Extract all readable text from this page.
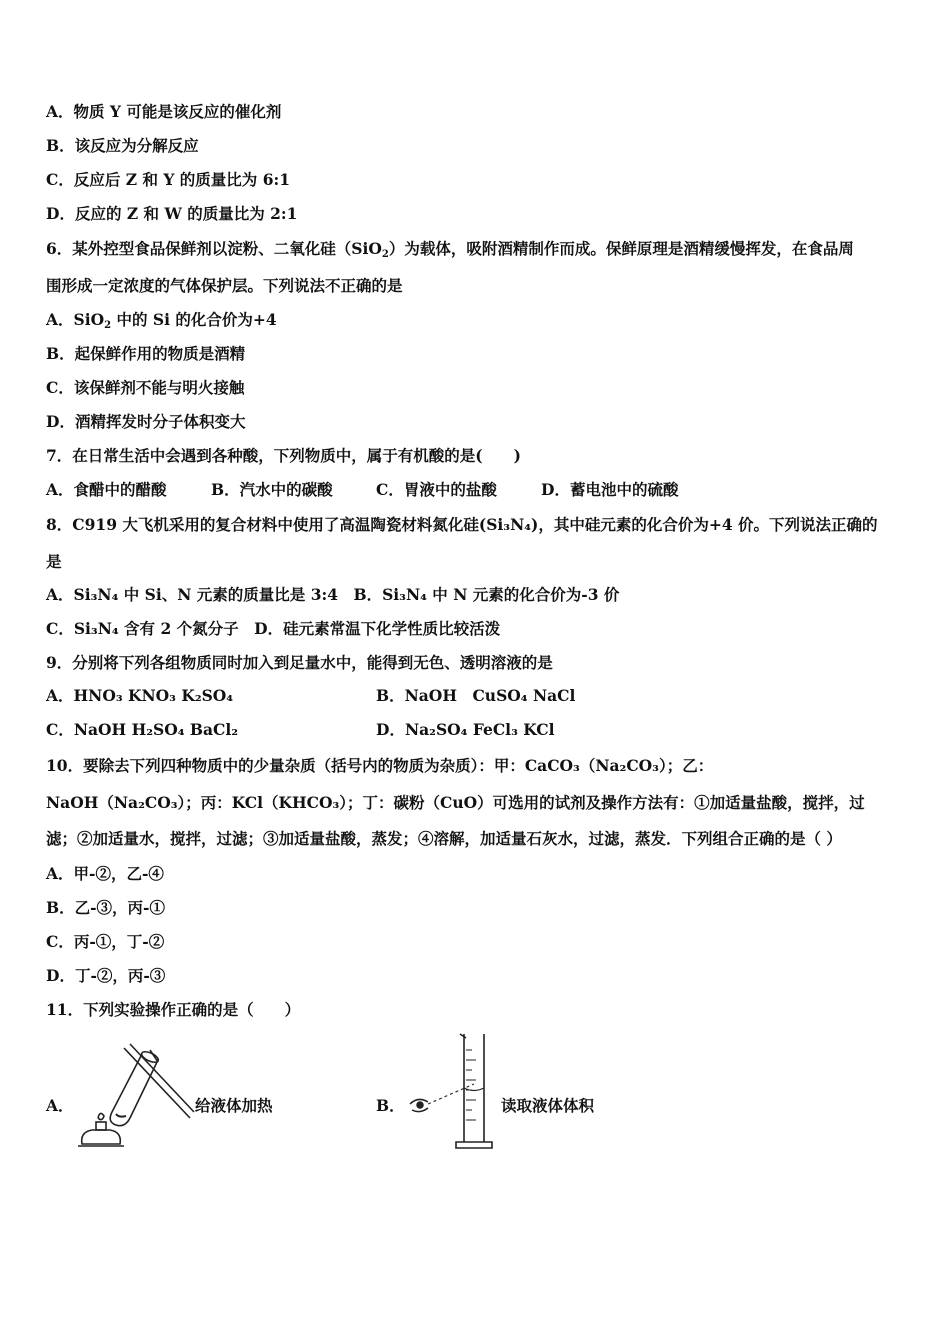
A．物质 Y 可能是该反应的催化剂
B．该反应为分解反应
C．反应后 Z 和 Y 的质量比为 6:1
D．反应的 Z 和 W 的质量比为 2:1
6．某外控型食品保鲜剂以淀粉、二氧化硅（SiO$_2$）为载体，吸附酒精制作而成。保鲜原理是酒精缓慢挥发，在食品周
围形成一定浓度的气体保护层。下列说法不正确的是
A．SiO$_2$ 中的 Si 的化合价为+4
B．起保鲜作用的物质是酒精
C．该保鲜剂不能与明火接触
D．酒精挥发时分子体积变大
7．在日常生活中会遇到各种酸，下列物质中，属于有机酸的是(　　)
A．食醋中的醋酸	B．汽水中的碳酸	C．胃液中的盐酸	D．蓄电池中的硫酸
8．C919 大飞机采用的复合材料中使用了高温陶瓷材料氮化硅(Si₃N₄)，其中硅元素的化合价为+4 价。下列说法正确的
是
A．Si₃N₄ 中 Si、N 元素的质量比是 3:4　B．Si₃N₄ 中 N 元素的化合价为-3 价
C．Si₃N₄ 含有 2 个氮分子　D．硅元素常温下化学性质比较活泼
9．分别将下列各组物质同时加入到足量水中，能得到无色、透明溶液的是
A．HNO₃ KNO₃ K₂SO₄	B．NaOH　CuSO₄ NaCl
C．NaOH H₂SO₄ BaCl₂	D．Na₂SO₄ FeCl₃ KCl
10．要除去下列四种物质中的少量杂质（括号内的物质为杂质）：甲：CaCO₃（Na₂CO₃）；乙：
NaOH（Na₂CO₃）；丙：KCl（KHCO₃）；丁：碳粉（CuO）可选用的试剂及操作方法有：①加适量盐酸，搅拌，过
滤；②加适量水，搅拌，过滤；③加适量盐酸，蒸发；④溶解，加适量石灰水，过滤，蒸发．下列组合正确的是（ ）
A．甲-②，乙-④
B．乙-③，丙-①
C．丙-①，丁-②
D．丁-②，丙-③
11．下列实验操作正确的是（　　）
A．	给液体加热	B．	读取液体体积
